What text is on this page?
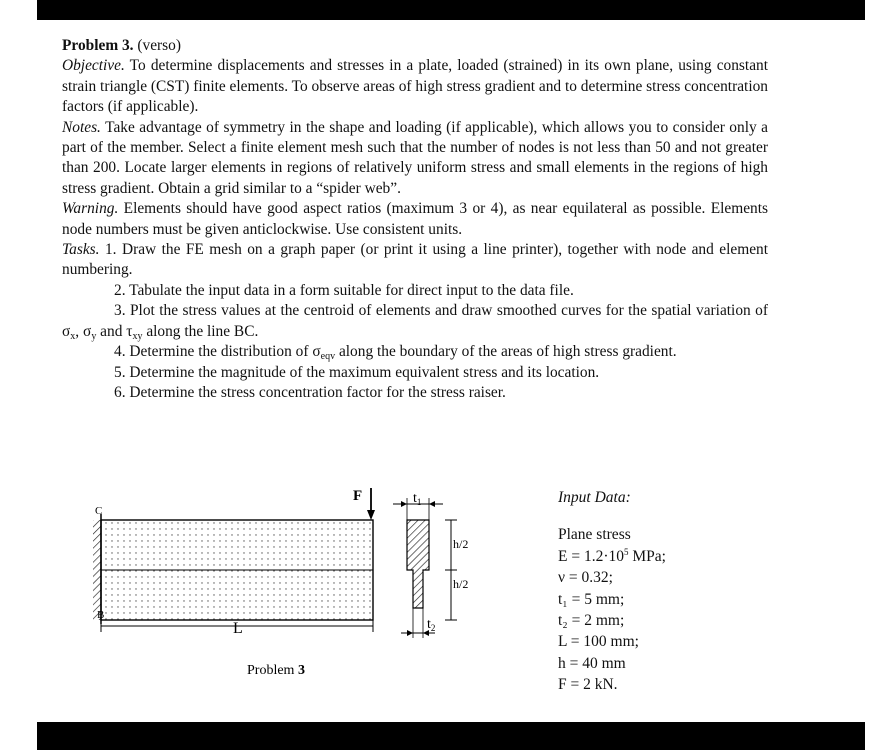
Problem 3. (verso)

Objective. To determine displacements and stresses in a plate, loaded (strained) in its own plane, using constant strain triangle (CST) finite elements. To observe areas of high stress gradient and to determine stress concentration factors (if applicable).

Notes. Take advantage of symmetry in the shape and loading (if applicable), which allows you to consider only a part of the member. Select a finite element mesh such that the number of nodes is not less than 50 and not greater than 200. Locate larger elements in regions of relatively uniform stress and small elements in the regions of high stress gradient. Obtain a grid similar to a “spider web”.

Warning. Elements should have good aspect ratios (maximum 3 or 4), as near equilateral as possible. Elements node numbers must be given anticlockwise. Use consistent units.

Tasks. 1. Draw the FE mesh on a graph paper (or print it using a line printer), together with node and element numbering.

2. Tabulate the input data in a form suitable for direct input to the data file.

3. Plot the stress values at the centroid of elements and draw smoothed curves for the spatial variation of $\sigma_x$, $\sigma_y$ and $\tau_{xy}$ along the line BC.

4. Determine the distribution of $\sigma_{eqv}$ along the boundary of the areas of high stress gradient.

5. Determine the magnitude of the maximum equivalent stress and its location.

6. Determine the stress concentration factor for the stress raiser.

C
B
L
F	$t_1$
h/2
h/2
$t_2$
Problem 3
Input Data:
Plane stress
$E = 1.2\cdot 10^5$ MPa;
ν = 0.32;
t₁ = 5 mm;
t₂ = 2 mm;
L = 100 mm;
h = 40 mm
F = 2 kN.
